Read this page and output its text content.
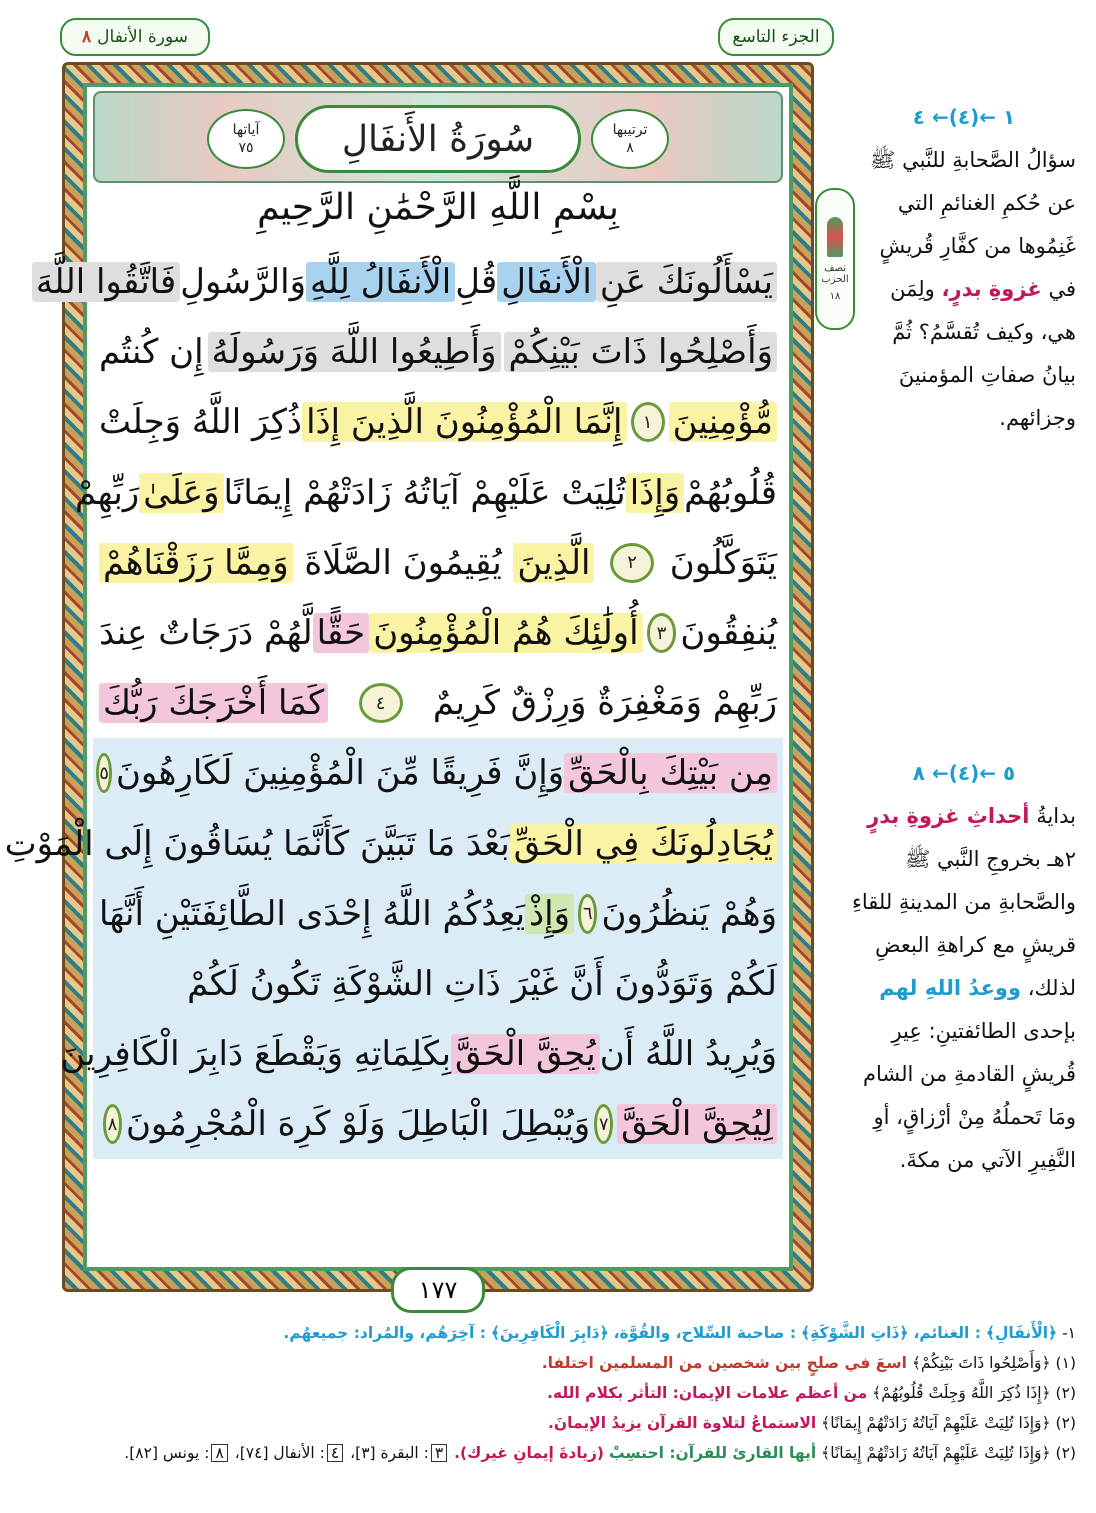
الجزء التاسع
سورة الأنفال
٨
ترتيبها
٨
سُورَةُ الأَنفَالِ
آياتها
٧٥
بِسْمِ اللَّهِ الرَّحْمَٰنِ الرَّحِيمِ
يَسْأَلُونَكَ عَنِ
الْأَنفَالِ
قُلِ
الْأَنفَالُ لِلَّهِ
وَالرَّسُولِ
فَاتَّقُوا اللَّهَ
وَأَصْلِحُوا ذَاتَ بَيْنِكُمْ
وَأَطِيعُوا اللَّهَ وَرَسُولَهُ
إِن كُنتُم
مُّؤْمِنِينَ
١
إِنَّمَا الْمُؤْمِنُونَ الَّذِينَ إِذَا
ذُكِرَ اللَّهُ وَجِلَتْ
قُلُوبُهُمْ
وَإِذَا
تُلِيَتْ عَلَيْهِمْ آيَاتُهُ زَادَتْهُمْ إِيمَانًا
وَعَلَىٰ
رَبِّهِمْ
يَتَوَكَّلُونَ
٢
الَّذِينَ
يُقِيمُونَ الصَّلَاةَ
وَمِمَّا رَزَقْنَاهُمْ
يُنفِقُونَ
٣
أُولَٰئِكَ هُمُ الْمُؤْمِنُونَ
حَقًّا
لَّهُمْ دَرَجَاتٌ عِندَ
رَبِّهِمْ وَمَغْفِرَةٌ وَرِزْقٌ كَرِيمٌ
٤
كَمَا أَخْرَجَكَ رَبُّكَ
مِن بَيْتِكَ بِالْحَقِّ
وَإِنَّ فَرِيقًا مِّنَ الْمُؤْمِنِينَ لَكَارِهُونَ
٥
يُجَادِلُونَكَ فِي الْحَقِّ
بَعْدَ مَا تَبَيَّنَ كَأَنَّمَا يُسَاقُونَ إِلَى الْمَوْتِ
وَهُمْ يَنظُرُونَ
٦
وَإِذْ
يَعِدُكُمُ اللَّهُ إِحْدَى الطَّائِفَتَيْنِ أَنَّهَا
لَكُمْ وَتَوَدُّونَ أَنَّ غَيْرَ ذَاتِ الشَّوْكَةِ تَكُونُ لَكُمْ
وَيُرِيدُ اللَّهُ أَن
يُحِقَّ الْحَقَّ
بِكَلِمَاتِهِ وَيَقْطَعَ دَابِرَ الْكَافِرِينَ
لِيُحِقَّ الْحَقَّ
٧
وَيُبْطِلَ الْبَاطِلَ وَلَوْ كَرِهَ الْمُجْرِمُونَ
٨
١٧٧
نصف الحزب
١٨
١ ←(٤)← ٤
سؤالُ الصَّحابةِ للنَّبي ﷺ عن حُكمِ الغنائمِ التي غَنِمُوها من كفَّارِ قُريشٍ في غزوةِ بدرٍ، ولِمَن هي، وكيف تُقسَّمُ؟ ثُمَّ بيانُ صفاتِ المؤمنينَ وجزائهم.
٥ ←(٤)← ٨
بدايةُ أحداثِ غزوةِ بدرٍ ٢هـ بخروجِ النَّبي ﷺ والصَّحابةِ من المدينةِ للقاءِ قريشٍ مع كراهةِ البعضِ لذلك، ووعدُ اللهِ لهم بإحدى الطائفتينِ: عِيرِ قُريشٍ القادمةِ من الشام ومَا تَحملُهُ مِنْ أرْزاقٍ، أوِ النَّفِيرِ الآتي من مكةَ.
١- ﴿الْأَنفَالِ﴾ : الغنائم، ﴿ذَاتِ الشَّوْكَةِ﴾ : صاحبة السِّلاح، والقُوَّة، ﴿دَابِرَ الْكَافِرِينَ﴾ : آخِرَهُم، والمُراد: جميعهُم.
(١) ﴿وَأَصْلِحُوا ذَاتَ بَيْنِكُمْ﴾ اسعَ في صلحٍ بين شخصين من المسلمين اختلفا.
(٢) ﴿إِذَا ذُكِرَ اللَّهُ وَجِلَتْ قُلُوبُهُمْ﴾ من أعظم علامات الإيمان: التأثر بكلام الله.
(٢) ﴿وَإِذَا تُلِيَتْ عَلَيْهِمْ آيَاتُهُ زَادَتْهُمْ إِيمَانًا﴾ الاستماعُ لتلاوة القرآن يزيدُ الإيمانَ.
(٢) ﴿وَإِذَا تُلِيَتْ عَلَيْهِمْ آيَاتُهُ زَادَتْهُمْ إِيمَانًا﴾ أيها القارئ للقرآن: احتسِبْ (زيادةَ إيمانِ غيرك). ٣: البقرة [٣]، ٤: الأنفال [٧٤]، ٨: يونس [٨٢].
